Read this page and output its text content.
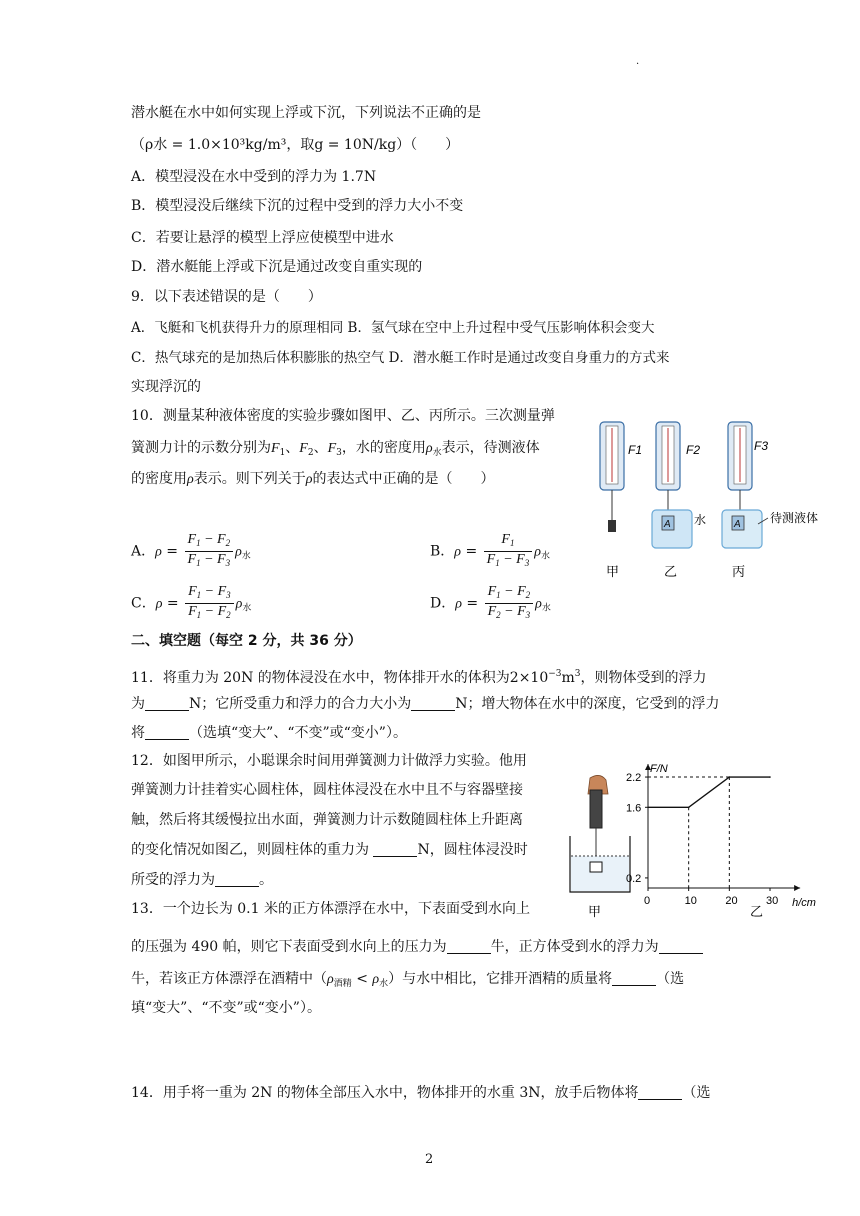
.
潜水艇在水中如何实现上浮或下沉，下列说法不正确的是
（ρ水 = 1.0×10³kg/m³，取g = 10N/kg）（　　）
A．模型浸没在水中受到的浮力为 1.7N
B．模型浸没后继续下沉的过程中受到的浮力大小不变
C．若要让悬浮的模型上浮应使模型中进水
D．潜水艇能上浮或下沉是通过改变自重实现的
9．以下表述错误的是（　　）
A．飞艇和飞机获得升力的原理相同 B．氢气球在空中上升过程中受气压影响体积会变大
C．热气球充的是加热后体积膨胀的热空气 D．潜水艇工作时是通过改变自身重力的方式来
实现浮沉的
10．测量某种液体密度的实验步骤如图甲、乙、丙所示。三次测量弹
簧测力计的示数分别为$F_1$、$F_2$、$F_3$，水的密度用$\rho_水$表示，待测液体
的密度用ρ表示。则下列关于ρ的表达式中正确的是（　　）
A．$\rho = \frac{F_1 - F_2}{F_1 - F_3} \rho_水$	B．$\rho = \frac{F_1}{F_1 - F_3} \rho_水$
C．$\rho = \frac{F_1 - F_3}{F_1 - F_2} \rho_水$	D．$\rho = \frac{F_1 - F_2}{F_2 - F_3} \rho_水$
F1
A
F2
水	A
F3
待测液体
甲	乙	丙
二、填空题（每空 2 分，共 36 分）
11．将重力为 20N 的物体浸没在水中，物体排开水的体积为$2\times 10^{-3}m^3$，则物体受到的浮力
为	N；它所受重力和浮力的合力大小为	N；增大物体在水中的深度，它受到的浮力
将	（选填“变大”、“不变”或“变小”）。
12．如图甲所示，小聪课余时间用弹簧测力计做浮力实验。他用
弹簧测力计挂着实心圆柱体，圆柱体浸没在水中且不与容器壁接
触，然后将其缓慢拉出水面，弹簧测力计示数随圆柱体上升距离
的变化情况如图乙，则圆柱体的重力为	N，圆柱体浸没时
所受的浮力为	。
甲
F/N
h/cm
2.2
1.6
0.2
0	10	20	30
乙
13．一个边长为 0.1 米的正方体漂浮在水中，下表面受到水向上
的压强为 490 帕，则它下表面受到水向上的压力为	牛，正方体受到水的浮力为
牛，若该正方体漂浮在酒精中$(\rho_{酒精} < \rho_水)$与水中相比，它排开酒精的质量将	（选
填“变大”、“不变”或“变小”）。
14．用手将一重为 2N 的物体全部压入水中，物体排开的水重 3N，放手后物体将	（选
2
